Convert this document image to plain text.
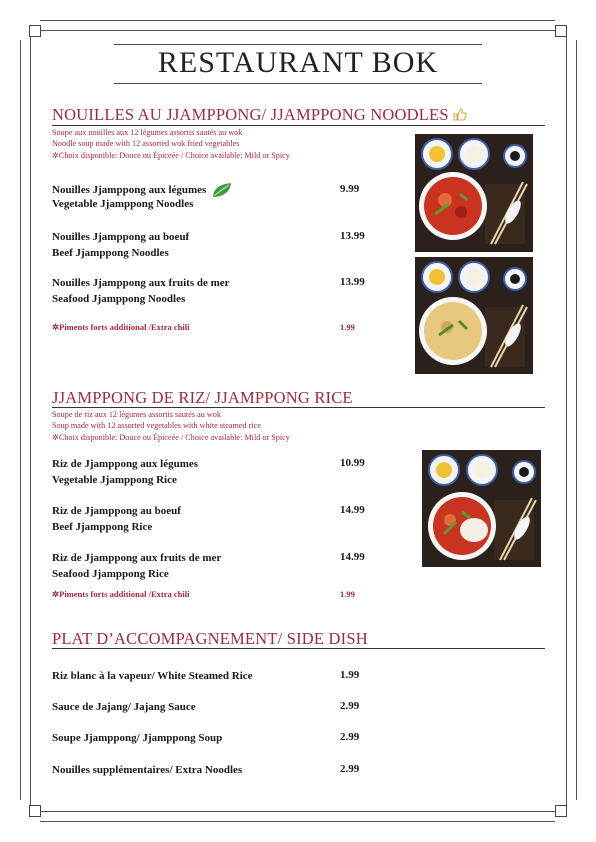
RESTAURANT BOK
NOUILLES AU JJAMPPONG/ JJAMPPONG NOODLES
Soupe aux nouilles aux 12 légumes assortis sautés au wok
Noodle soup made with 12 assorted wok fried vegetables
✲Choix disponible: Douce ou Épiceée / Choice available: Mild or Spicy
Nouilles Jjamppong aux légumes
Vegetable Jjamppong Noodles
9.99
Nouilles Jjamppong au boeuf
Beef Jjamppong Noodles
13.99
Nouilles Jjamppong aux fruits de mer
Seafood Jjamppong Noodles
13.99
✲Piments forts additional /Extra chili	1.99
JJAMPPONG DE RIZ/ JJAMPPONG RICE
Soupe de riz aux 12 légumes assortis sautés au wok
Soup made with 12 assorted vegetables with white steamed rice
✲Choix disponible: Douce ou Épiceée / Choice available: Mild or Spicy
Riz de Jjamppong aux légumes
Vegetable Jjamppong Rice
10.99
Riz de Jjamppong au boeuf
Beef Jjamppong Rice
14.99
Riz de Jjamppong aux fruits de mer
Seafood Jjamppong Rice
14.99
✲Piments forts additional /Extra chili	1.99
PLAT D’ACCOMPAGNEMENT/ SIDE DISH
Riz blanc à la vapeur/ White Steamed Rice	1.99
Sauce de Jajang/ Jajang Sauce	2.99
Soupe Jjamppong/ Jjamppong Soup	2.99
Nouilles supplémentaires/ Extra Noodles	2.99
